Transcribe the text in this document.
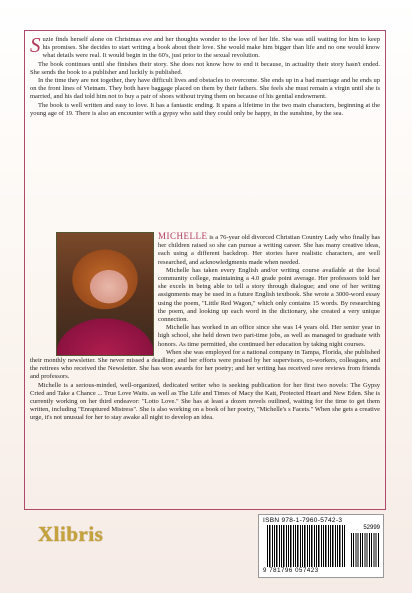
Suzie finds herself alone on Christmas eve and her thoughts wonder to the love of her life. She was still waiting for him to keep his promises. She decides to start writing a book about their love. She would make him bigger than life and no one would know what details were real. It would begin in the 60's, just prior to the sexual revolution.

The book continues until she finishes their story. She does not know how to end it because, in actuality their story hasn't ended. She sends the book to a publisher and luckily is published.

In the time they are not together, they have difficult lives and obstacles to overcome. She ends up in a bad marriage and he ends up on the front lines of Vietnam. They both have baggage placed on them by their fathers. She feels she must remain a virgin until she is married, and his dad told him not to buy a pair of shoes without trying them on because of his genital endowment.

The book is well written and easy to love. It has a fantastic ending. It spans a lifetime in the two main characters, beginning at the young age of 19. There is also an encounter with a gypsy who said they could only be happy, in the sunshine, by the sea.

MICHELLE is a 76-year old divorced Christian Country Lady who finally has her children raised so she can pursue a writing career. She has many creative ideas, each using a different backdrop. Her stories have realistic characters, are well researched, and acknowledgments made when needed.

Michelle has taken every English and/or writing course available at the local community college, maintaining a 4.0 grade point average. Her professors told her she excels in being able to tell a story through dialogue; and one of her writing assignments may be used in a future English textbook. She wrote a 3000-word essay using the poem, "Little Red Wagon," which only contains 15 words. By researching the poem, and looking up each word in the dictionary, she created a very unique connection.

Michelle has worked in an office since she was 14 years old. Her senior year in high school, she held down two part-time jobs, as well as managed to graduate with honors. As time permitted, she continued her education by taking night courses.

When she was employed for a national company in Tampa, Florida, she published their monthly newsletter. She never missed a deadline; and her efforts were praised by her supervisors, co-workers, colleagues, and the retirees who received the Newsletter. She has won awards for her poetry; and her writing has received rave reviews from friends and professors.

Michelle is a serious-minded, well-organized, dedicated writer who is seeking publication for her first two novels: The Gypsy Cried and Take a Chance ... True Love Waits. as well as The Life and Times of Macy the Katt, Protected Heart and New Eden. She is currently working on her third endeavor: "Lotto Love." She has at least a dozen novels outlined, waiting for the time to get them written, including "Enraptured Mistress". She is also working on a book of her poetry, "Michelle's s Facets." When she gets a creative urge, it's not unusual for her to stay awake all night to develop an idea.

Xlibris
ISBN 978-1-7960-5742-3
52999
9 781796 057423
